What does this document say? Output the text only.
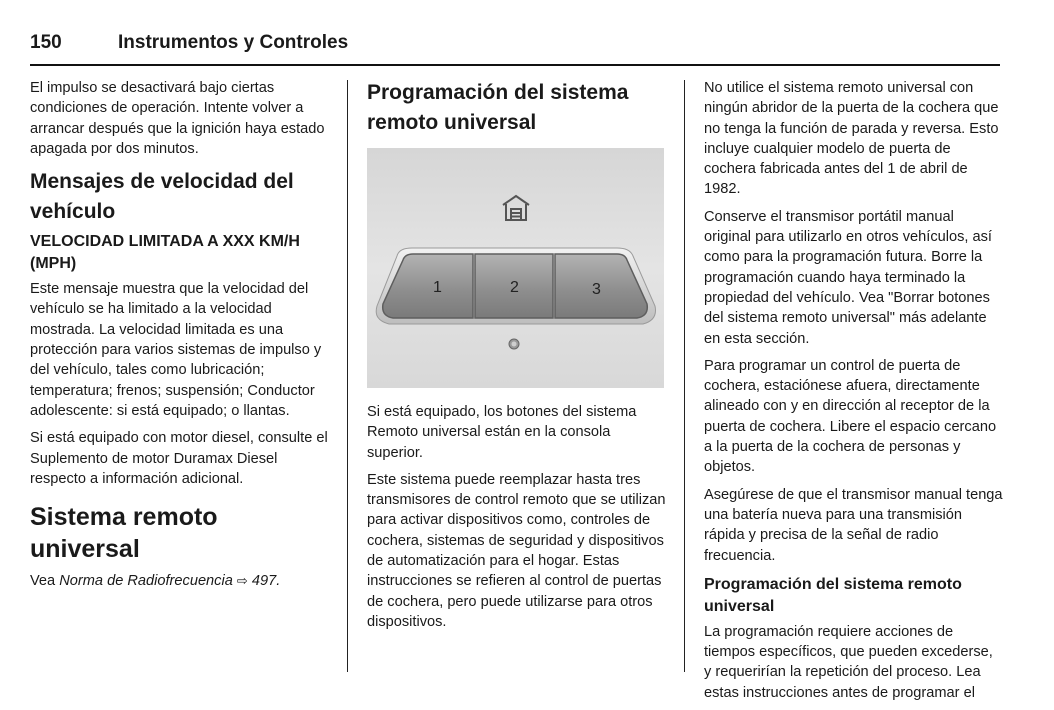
150	Instrumentos y Controles

El impulso se desactivará bajo ciertas condiciones de operación. Intente volver a arrancar después que la ignición haya estado apagada por dos minutos.

Mensajes de velocidad del vehículo
VELOCIDAD LIMITADA A XXX KM/H (MPH)

Este mensaje muestra que la velocidad del vehículo se ha limitado a la velocidad mostrada. La velocidad limitada es una protección para varios sistemas de impulso y del vehículo, tales como lubricación; temperatura; frenos; suspensión; Conductor adolescente: si está equipado; o llantas.

Si está equipado con motor diesel, consulte el Suplemento de motor Duramax Diesel respecto a información adicional.

Sistema remoto universal
Vea Norma de Radiofrecuencia ⇨ 497.
Programación del sistema remoto universal
1	2	3

Si está equipado, los botones del sistema Remoto universal están en la consola superior.

Este sistema puede reemplazar hasta tres transmisores de control remoto que se utilizan para activar dispositivos como, controles de cochera, sistemas de seguridad y dispositivos de automatización para el hogar. Estas instrucciones se refieren al control de puertas de cochera, pero puede utilizarse para otros dispositivos.

No utilice el sistema remoto universal con ningún abridor de la puerta de la cochera que no tenga la función de parada y reversa. Esto incluye cualquier modelo de puerta de cochera fabricada antes del 1 de abril de 1982.

Conserve el transmisor portátil manual original para utilizarlo en otros vehículos, así como para la programación futura. Borre la programación cuando haya terminado la propiedad del vehículo. Vea "Borrar botones del sistema remoto universal" más adelante en esta sección.

Para programar un control de puerta de cochera, estaciónese afuera, directamente alineado con y en dirección al receptor de la puerta de cochera. Libere el espacio cercano a la puerta de la cochera de personas y objetos.

Asegúrese de que el transmisor manual tenga una batería nueva para una transmisión rápida y precisa de la señal de radio frecuencia.

Programación del sistema remoto universal

La programación requiere acciones de tiempos específicos, que pueden excederse, y requerirían la repetición del proceso. Lea estas instrucciones antes de programar el
